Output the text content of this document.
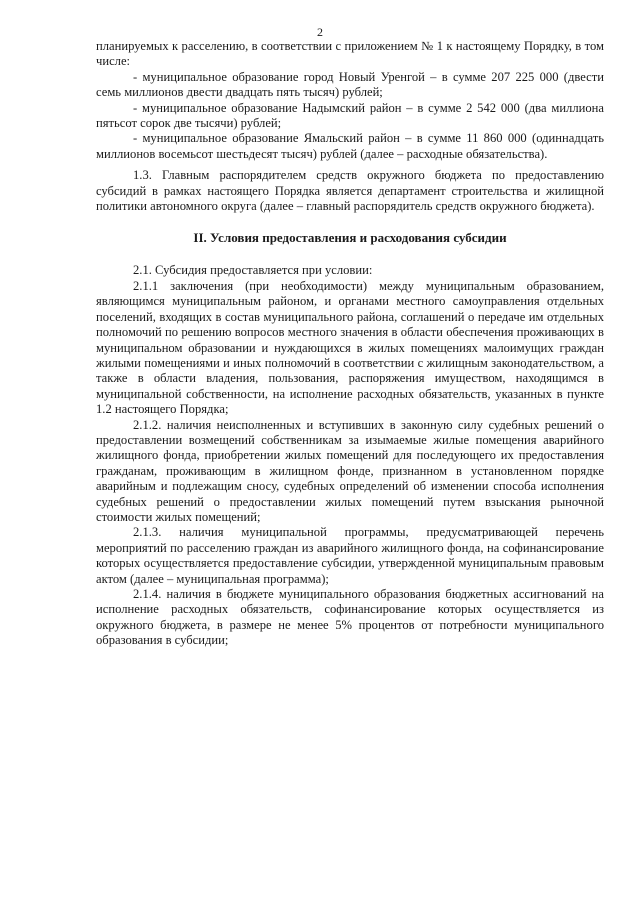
2

планируемых к расселению, в соответствии с приложением № 1 к настоящему Порядку, в том числе:

- муниципальное образование город Новый Уренгой – в сумме 207 225 000 (двести семь миллионов двести двадцать пять тысяч) рублей;

- муниципальное образование Надымский район – в сумме 2 542 000 (два миллиона пятьсот сорок две тысячи) рублей;

- муниципальное образование Ямальский район – в сумме 11 860 000 (одиннадцать миллионов восемьсот шестьдесят тысяч) рублей (далее – расходные обязательства).

1.3. Главным распорядителем средств окружного бюджета по предоставлению субсидий в рамках настоящего Порядка является департамент строительства и жилищной политики автономного округа (далее – главный распорядитель средств окружного бюджета).

II. Условия предоставления и расходования субсидии

2.1. Субсидия предоставляется при условии:

2.1.1 заключения (при необходимости) между муниципальным образованием, являющимся муниципальным районом, и органами местного самоуправления отдельных поселений, входящих в состав муниципального района, соглашений о передаче им отдельных полномочий по решению вопросов местного значения в области обеспечения проживающих в муниципальном образовании и нуждающихся в жилых помещениях малоимущих граждан жилыми помещениями и иных полномочий в соответствии с жилищным законодательством, а также в области владения, пользования, распоряжения имуществом, находящимся в муниципальной собственности, на исполнение расходных обязательств, указанных в пункте 1.2 настоящего Порядка;

2.1.2. наличия неисполненных и вступивших в законную силу судебных решений о предоставлении возмещений собственникам за изымаемые жилые помещения аварийного жилищного фонда, приобретении жилых помещений для последующего их предоставления гражданам, проживающим в жилищном фонде, признанном в установленном порядке аварийным и подлежащим сносу, судебных определений об изменении способа исполнения судебных решений о предоставлении жилых помещений путем взыскания рыночной стоимости жилых помещений;

2.1.3. наличия муниципальной программы, предусматривающей перечень мероприятий по расселению граждан из аварийного жилищного фонда, на софинансирование которых осуществляется предоставление субсидии, утвержденной муниципальным правовым актом (далее – муниципальная программа);

2.1.4. наличия в бюджете муниципального образования бюджетных ассигнований на исполнение расходных обязательств, софинансирование которых осуществляется из окружного бюджета, в размере не менее 5% процентов от потребности муниципального образования в субсидии;
